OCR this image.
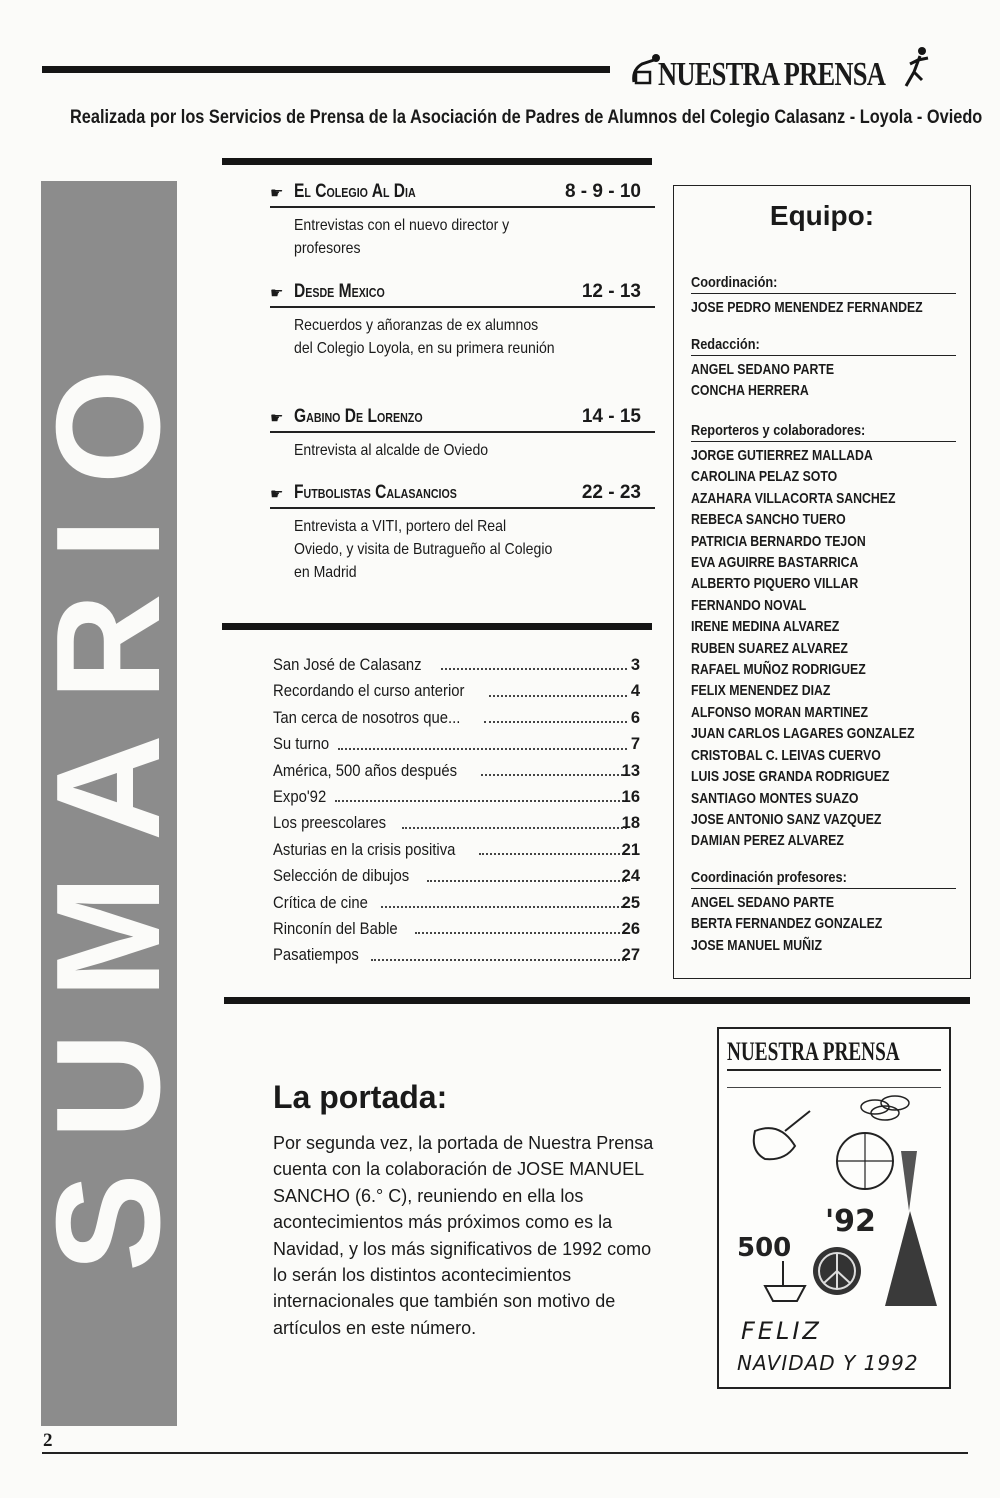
NUESTRA PRENSA
Realizada por los Servicios de Prensa de la Asociación de Padres de Alumnos del Colegio Calasanz - Loyola - Oviedo
SUMARIO
☛ El Colegio Al Dia	8 - 9 - 10
Entrevistas con el nuevo director y profesores
☛ Desde Mexico	12 - 13
Recuerdos y añoranzas de ex alumnos del Colegio Loyola, en su primera reunión
☛ Gabino De Lorenzo	14 - 15
Entrevista al alcalde de Oviedo
☛ Futbolistas Calasancios	22 - 23
Entrevista a VITI, portero del Real Oviedo, y visita de Butragueño al Colegio en Madrid
San José de Calasanz	3
Recordando el curso anterior	4
Tan cerca de nosotros que...	6
Su turno	7
América, 500 años después	13
Expo'92	16
Los preescolares	18
Asturias en la crisis positiva	21
Selección de dibujos	24
Crítica de cine	25
Rinconín del Bable	26
Pasatiempos	27
Equipo:
Coordinación:
JOSE PEDRO MENENDEZ FERNANDEZ
Redacción:
ANGEL SEDANO PARTE
CONCHA HERRERA
Reporteros y colaboradores:
JORGE GUTIERREZ MALLADA
CAROLINA PELAZ SOTO
AZAHARA VILLACORTA SANCHEZ
REBECA SANCHO TUERO
PATRICIA BERNARDO TEJON
EVA AGUIRRE BASTARRICA
ALBERTO PIQUERO VILLAR
FERNANDO NOVAL
IRENE MEDINA ALVAREZ
RUBEN SUAREZ ALVAREZ
RAFAEL MUÑOZ RODRIGUEZ
FELIX MENENDEZ DIAZ
ALFONSO MORAN MARTINEZ
JUAN CARLOS LAGARES GONZALEZ
CRISTOBAL C. LEIVAS CUERVO
LUIS JOSE GRANDA RODRIGUEZ
SANTIAGO MONTES SUAZO
JOSE ANTONIO SANZ VAZQUEZ
DAMIAN PEREZ ALVAREZ
Coordinación profesores:
ANGEL SEDANO PARTE
BERTA FERNANDEZ GONZALEZ
JOSE MANUEL MUÑIZ
La portada:
Por segunda vez, la portada de Nuestra Prensa cuenta con la colaboración de JOSE MANUEL SANCHO (6.° C), reuniendo en ella los acontecimientos más próximos como es la Navidad, y los más significativos de 1992 como lo serán los distintos acontecimientos internacionales que también son motivo de artículos en este número.
NUESTRA PRENSA
'92
500
FELIZ
NAVIDAD Y 1992
2
